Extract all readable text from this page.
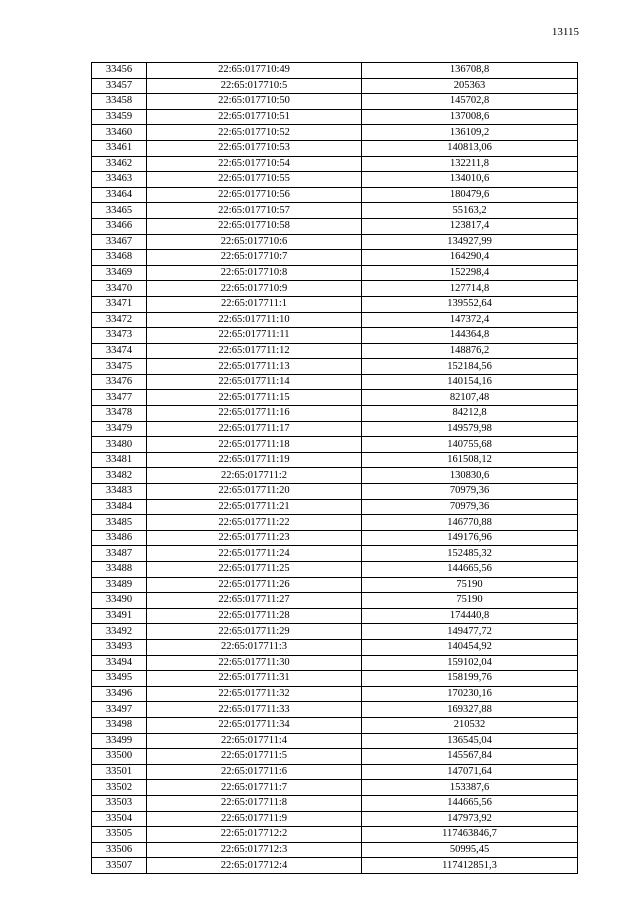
13115
33456	22:65:017710:49	136708,8
33457	22:65:017710:5	205363
33458	22:65:017710:50	145702,8
33459	22:65:017710:51	137008,6
33460	22:65:017710:52	136109,2
33461	22:65:017710:53	140813,06
33462	22:65:017710:54	132211,8
33463	22:65:017710:55	134010,6
33464	22:65:017710:56	180479,6
33465	22:65:017710:57	55163,2
33466	22:65:017710:58	123817,4
33467	22:65:017710:6	134927,99
33468	22:65:017710:7	164290,4
33469	22:65:017710:8	152298,4
33470	22:65:017710:9	127714,8
33471	22:65:017711:1	139552,64
33472	22:65:017711:10	147372,4
33473	22:65:017711:11	144364,8
33474	22:65:017711:12	148876,2
33475	22:65:017711:13	152184,56
33476	22:65:017711:14	140154,16
33477	22:65:017711:15	82107,48
33478	22:65:017711:16	84212,8
33479	22:65:017711:17	149579,98
33480	22:65:017711:18	140755,68
33481	22:65:017711:19	161508,12
33482	22:65:017711:2	130830,6
33483	22:65:017711:20	70979,36
33484	22:65:017711:21	70979,36
33485	22:65:017711:22	146770,88
33486	22:65:017711:23	149176,96
33487	22:65:017711:24	152485,32
33488	22:65:017711:25	144665,56
33489	22:65:017711:26	75190
33490	22:65:017711:27	75190
33491	22:65:017711:28	174440,8
33492	22:65:017711:29	149477,72
33493	22:65:017711:3	140454,92
33494	22:65:017711:30	159102,04
33495	22:65:017711:31	158199,76
33496	22:65:017711:32	170230,16
33497	22:65:017711:33	169327,88
33498	22:65:017711:34	210532
33499	22:65:017711:4	136545,04
33500	22:65:017711:5	145567,84
33501	22:65:017711:6	147071,64
33502	22:65:017711:7	153387,6
33503	22:65:017711:8	144665,56
33504	22:65:017711:9	147973,92
33505	22:65:017712:2	117463846,7
33506	22:65:017712:3	50995,45
33507	22:65:017712:4	117412851,3
